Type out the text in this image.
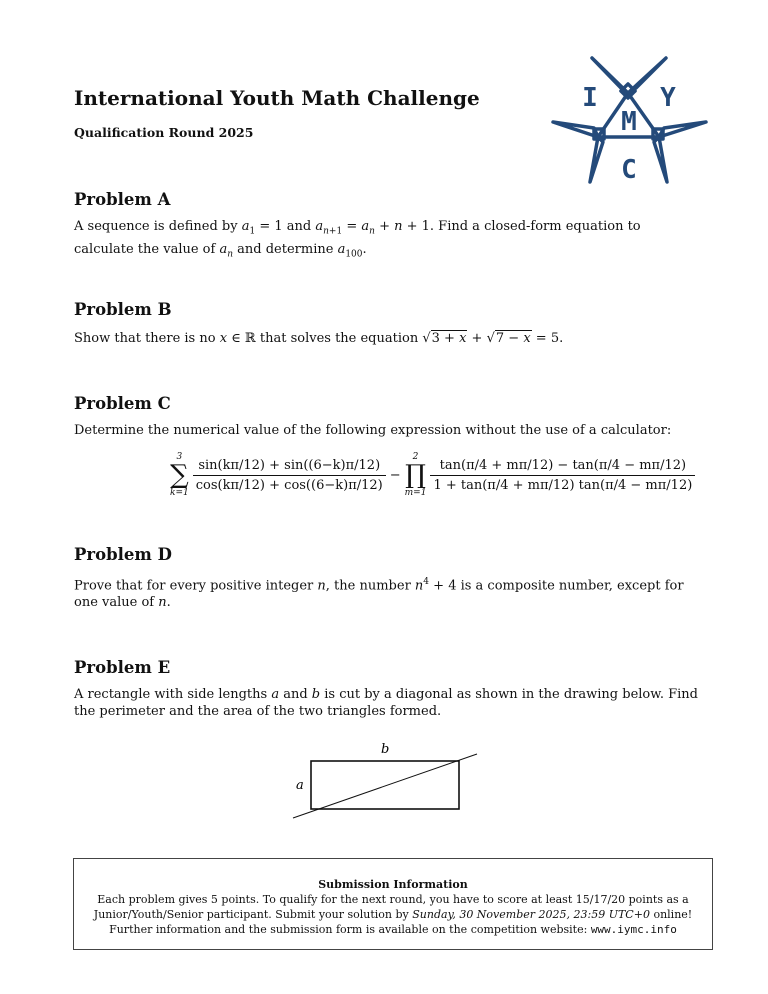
International Youth Math Challenge
Qualification Round 2025
I Y
M
C
Problem A
A sequence is defined by $a_1 = 1$ and $a_{n+1} = a_n + n + 1$. Find a closed-form equation to calculate the value of $a_n$ and determine $a_{100}$.
Problem B
Show that there is no x ∈ ℝ that solves the equation √3 + x + √7 − x = 5.
Problem C
Determine the numerical value of the following expression without the use of a calculator:
3
∑
k=1
$\frac{\sin(k\pi/12) + \sin((6-k)\pi/12)}{\cos(k\pi/12) + \cos((6-k)\pi/12)}$ −
2
∏
m=1
$\frac{\tan(\pi/4 + m\pi/12) - \tan(\pi/4 - m\pi/12)}{1 + \tan(\pi/4 + m\pi/12) \tan(\pi/4 - m\pi/12)}$
Problem D
Prove that for every positive integer n, the number $n^4 + 4$ is a composite number, except for one value of n.
Problem E
A rectangle with side lengths a and b is cut by a diagonal as shown in the drawing below. Find the perimeter and the area of the two triangles formed.
b
a
Submission Information
Each problem gives 5 points. To qualify for the next round, you have to score at least 15/17/20 points as a
Junior/Youth/Senior participant. Submit your solution by Sunday, 30 November 2025, 23:59 UTC+0 online!
Further information and the submission form is available on the competition website: www.iymc.info
